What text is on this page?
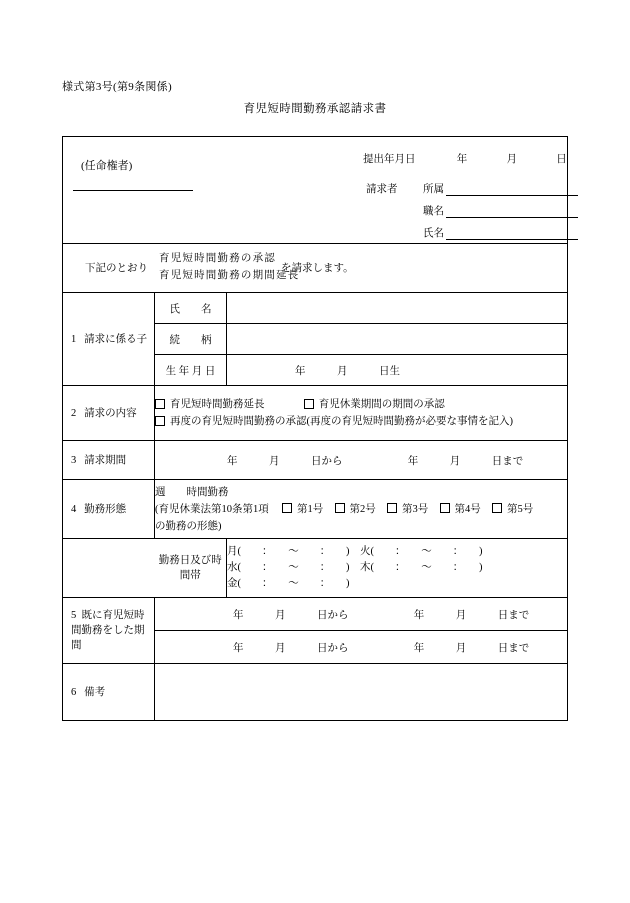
様式第3号(第9条関係)
育児短時間勤務承認請求書
(任命権者)
提出年月日	年	月	日
請求者 所属
職名
氏名

下記のとおり
育児短時間勤務の承認
育児短時間勤務の期間延長
を請求します。		

1 請求に係る子	氏　　名	
	続　　柄	
	生 年 月 日	年　　　月　　　日生

2 請求の内容	育児短時間勤務延長 育児休業期間の期間の承認
再度の育児短時間勤務の承認(再度の育児短時間勤務が必要な事情を記入)	

3 請求期間	年　　　月　　　日から 年　　　月　　　日まで	

4 勤務形態	週　　時間勤務
(育児休業法第10条第1項 第1号 第2号 第3号 第4号 第5号
の勤務の形態)	

	勤務日及び時間帯	月(　　：　　～　　：　　)　火(　　：　　～　　：　　)
水(　　：　　～　　：　　)　木(　　：　　～　　：　　)
金(　　：　　～　　：　　)

5 既に育児短時間勤務をした期間	年　　　月　　　日から 年　　　月　　　日まで	

	年　　　月　　　日から 年　　　月　　　日まで	

6 備考		
